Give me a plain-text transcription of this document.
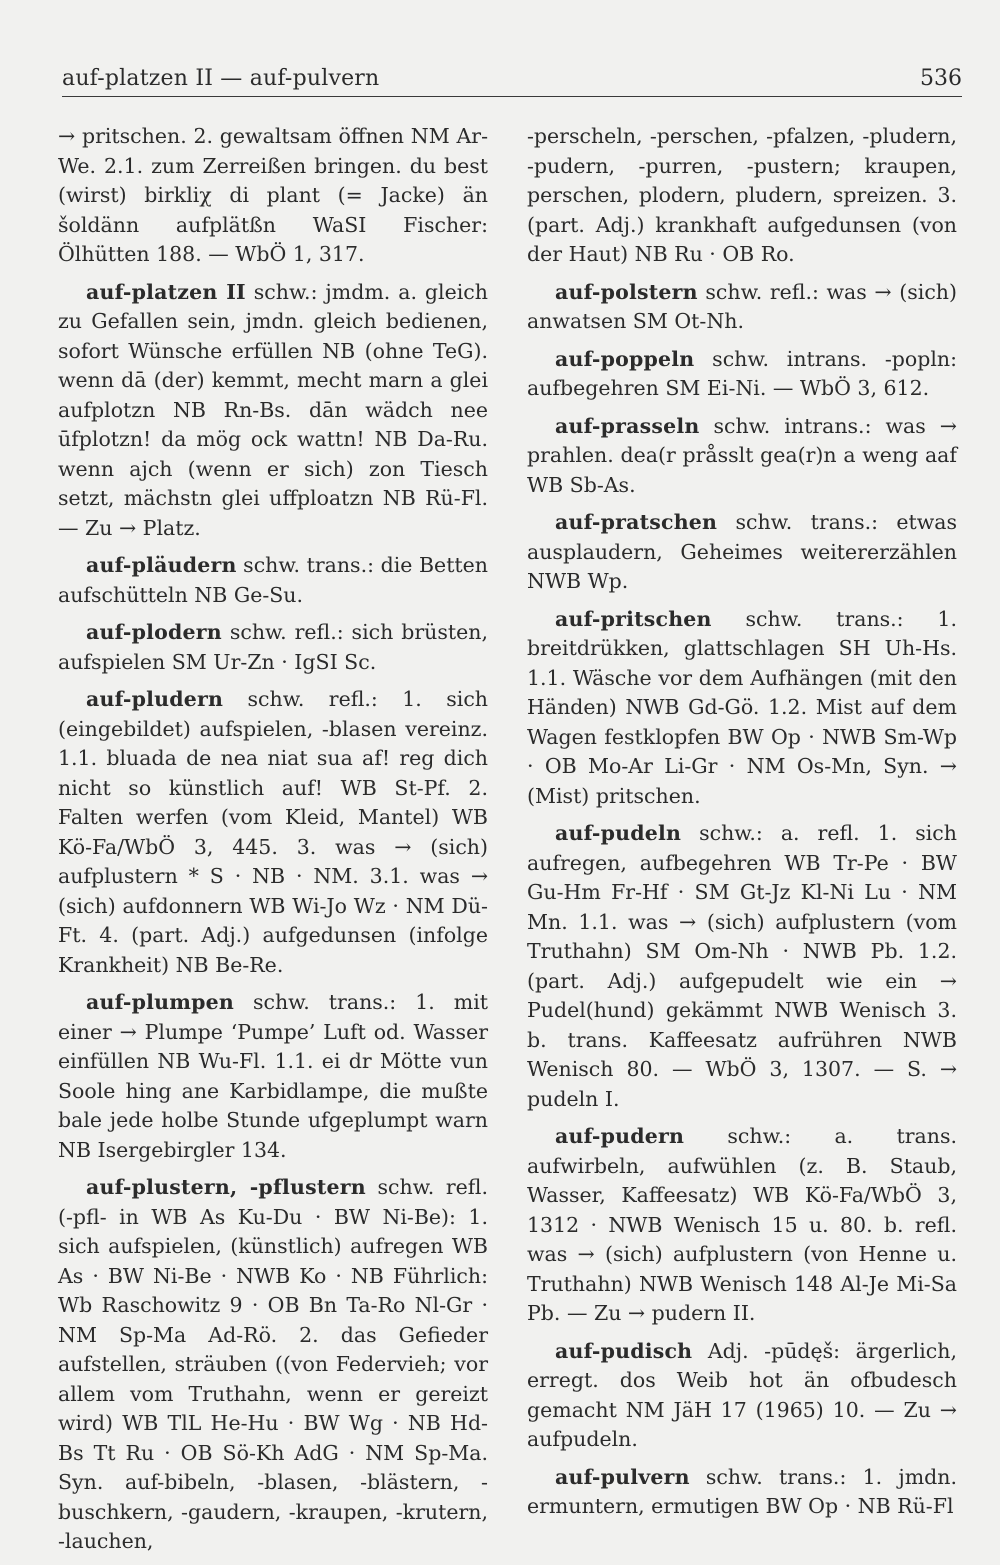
auf-platzen II — auf-pulvern	536

→ pritschen. 2. gewaltsam öffnen NM Ar-We. 2.1. zum Zerreißen bringen. du best (wirst) birkliχ di plant (= Jacke) än šoldänn aufplätßn WaSI Fischer: Ölhütten 188. — WbÖ 1, 317.

auf-platzen II schw.: jmdm. a. gleich zu Gefallen sein, jmdn. gleich bedienen, sofort Wünsche erfüllen NB (ohne TeG). wenn dā (der) kemmt, mecht marn a glei aufplotzn NB Rn-Bs. dān wädch nee ūfplotzn! da mög ock wattn! NB Da-Ru. wenn ajch (wenn er sich) zon Tiesch setzt, mächstn glei uffploatzn NB Rü-Fl. — Zu → Platz.

auf-pläudern schw. trans.: die Betten aufschütteln NB Ge-Su.

auf-plodern schw. refl.: sich brüsten, aufspielen SM Ur-Zn · IgSI Sc.

auf-pludern schw. refl.: 1. sich (eingebildet) aufspielen, -blasen vereinz. 1.1. bluada de nea niat sua af! reg dich nicht so künstlich auf! WB St-Pf. 2. Falten werfen (vom Kleid, Mantel) WB Kö-Fa/WbÖ 3, 445. 3. was → (sich) aufplustern * S · NB · NM. 3.1. was → (sich) aufdonnern WB Wi-Jo Wz · NM Dü-Ft. 4. (part. Adj.) aufgedunsen (infolge Krankheit) NB Be-Re.

auf-plumpen schw. trans.: 1. mit einer → Plumpe ‘Pumpe’ Luft od. Wasser einfüllen NB Wu-Fl. 1.1. ei dr Mötte vun Soole hing ane Karbidlampe, die mußte bale jede holbe Stunde ufgeplumpt warn NB Isergebirgler 134.

auf-plustern, -pflustern schw. refl. (-pfl- in WB As Ku-Du · BW Ni-Be): 1. sich aufspielen, (künstlich) aufregen WB As · BW Ni-Be · NWB Ko · NB Führlich: Wb Raschowitz 9 · OB Bn Ta-Ro Nl-Gr · NM Sp-Ma Ad-Rö. 2. das Gefieder aufstellen, sträuben ((von Federvieh; vor allem vom Truthahn, wenn er gereizt wird) WB TlL He-Hu · BW Wg · NB Hd-Bs Tt Ru · OB Sö-Kh AdG · NM Sp-Ma. Syn. auf-bibeln, -blasen, -blästern, -buschkern, -gaudern, -kraupen, -krutern, -lauchen,

-perscheln, -perschen, -pfalzen, -pludern, -pudern, -purren, -pustern; kraupen, perschen, plodern, pludern, spreizen. 3. (part. Adj.) krankhaft aufgedunsen (von der Haut) NB Ru · OB Ro.

auf-polstern schw. refl.: was → (sich) anwatsen SM Ot-Nh.

auf-poppeln schw. intrans. -popln: aufbegehren SM Ei-Ni. — WbÖ 3, 612.

auf-prasseln schw. intrans.: was → prahlen. dea(r pråsslt gea(r)n a weng aaf WB Sb-As.

auf-pratschen schw. trans.: etwas ausplaudern, Geheimes weitererzählen NWB Wp.

auf-pritschen schw. trans.: 1. breitdrükken, glattschlagen SH Uh-Hs. 1.1. Wäsche vor dem Aufhängen (mit den Händen) NWB Gd-Gö. 1.2. Mist auf dem Wagen festklopfen BW Op · NWB Sm-Wp · OB Mo-Ar Li-Gr · NM Os-Mn, Syn. → (Mist) pritschen.

auf-pudeln schw.: a. refl. 1. sich aufregen, aufbegehren WB Tr-Pe · BW Gu-Hm Fr-Hf · SM Gt-Jz Kl-Ni Lu · NM Mn. 1.1. was → (sich) aufplustern (vom Truthahn) SM Om-Nh · NWB Pb. 1.2. (part. Adj.) aufgepudelt wie ein → Pudel(hund) gekämmt NWB Wenisch 3. b. trans. Kaffeesatz aufrühren NWB Wenisch 80. — WbÖ 3, 1307. — S. → pudeln I.

auf-pudern schw.: a. trans. aufwirbeln, aufwühlen (z. B. Staub, Wasser, Kaffeesatz) WB Kö-Fa/WbÖ 3, 1312 · NWB Wenisch 15 u. 80. b. refl. was → (sich) aufplustern (von Henne u. Truthahn) NWB Wenisch 148 Al-Je Mi-Sa Pb. — Zu → pudern II.

auf-pudisch Adj. -pūdęš: ärgerlich, erregt. dos Weib hot än ofbudesch gemacht NM JäH 17 (1965) 10. — Zu → aufpudeln.

auf-pulvern schw. trans.: 1. jmdn. ermuntern, ermutigen BW Op · NB Rü-Fl
